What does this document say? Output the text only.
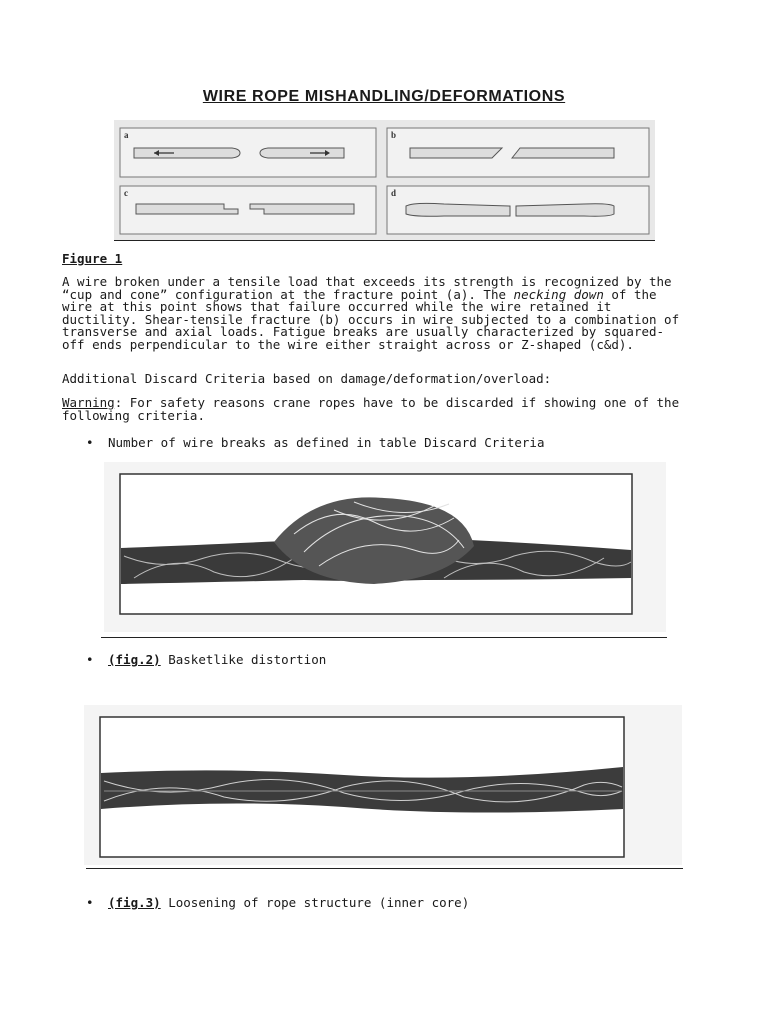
WIRE ROPE MISHANDLING/DEFORMATIONS
a	b
c	d
Figure 1

A wire broken under a tensile load that exceeds its strength is recognized by the

“cup and cone” configuration at the fracture point (a). The necking down of the

wire at this point shows that failure occurred while the wire retained it

ductility. Shear-tensile fracture (b) occurs in wire subjected to a combination of

transverse and axial loads. Fatigue breaks are usually characterized by squared-

off ends perpendicular to the wire either straight across or Z-shaped (c&d).

Additional Discard Criteria based on damage/deformation/overload:

Warning: For safety reasons crane ropes have to be discarded if showing one of the

following criteria.

•

Number of wire breaks as defined in table Discard Criteria

•

(fig.2) Basketlike distortion

•

(fig.3) Loosening of rope structure (inner core)
